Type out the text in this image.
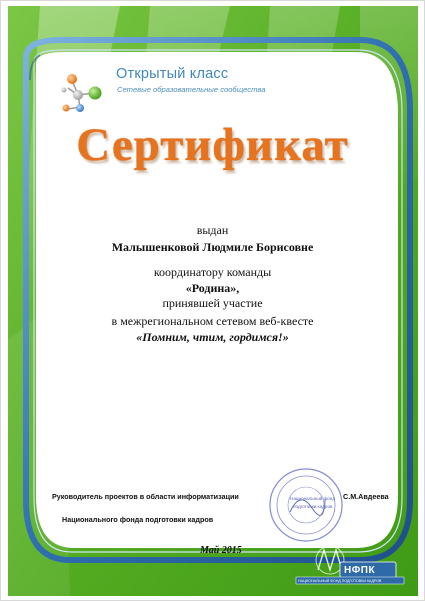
Открытый класс
Сетевые образовательные сообщества
Сертификат
выдан
Малышенковой Людмиле Борисовне
координатору команды
«Родина»,
принявшей участие
в межрегиональном сетевом веб-квесте
«Помним, чтим, гордимся!»
Руководитель проектов в области информатизации
Национального фонда подготовки кадров
С.М.Авдеева
Национальный фонд
подготовки кадров
Май 2015
НФПК
НАЦИОНАЛЬНЫЙ ФОНД ПОДГОТОВКИ КАДРОВ
